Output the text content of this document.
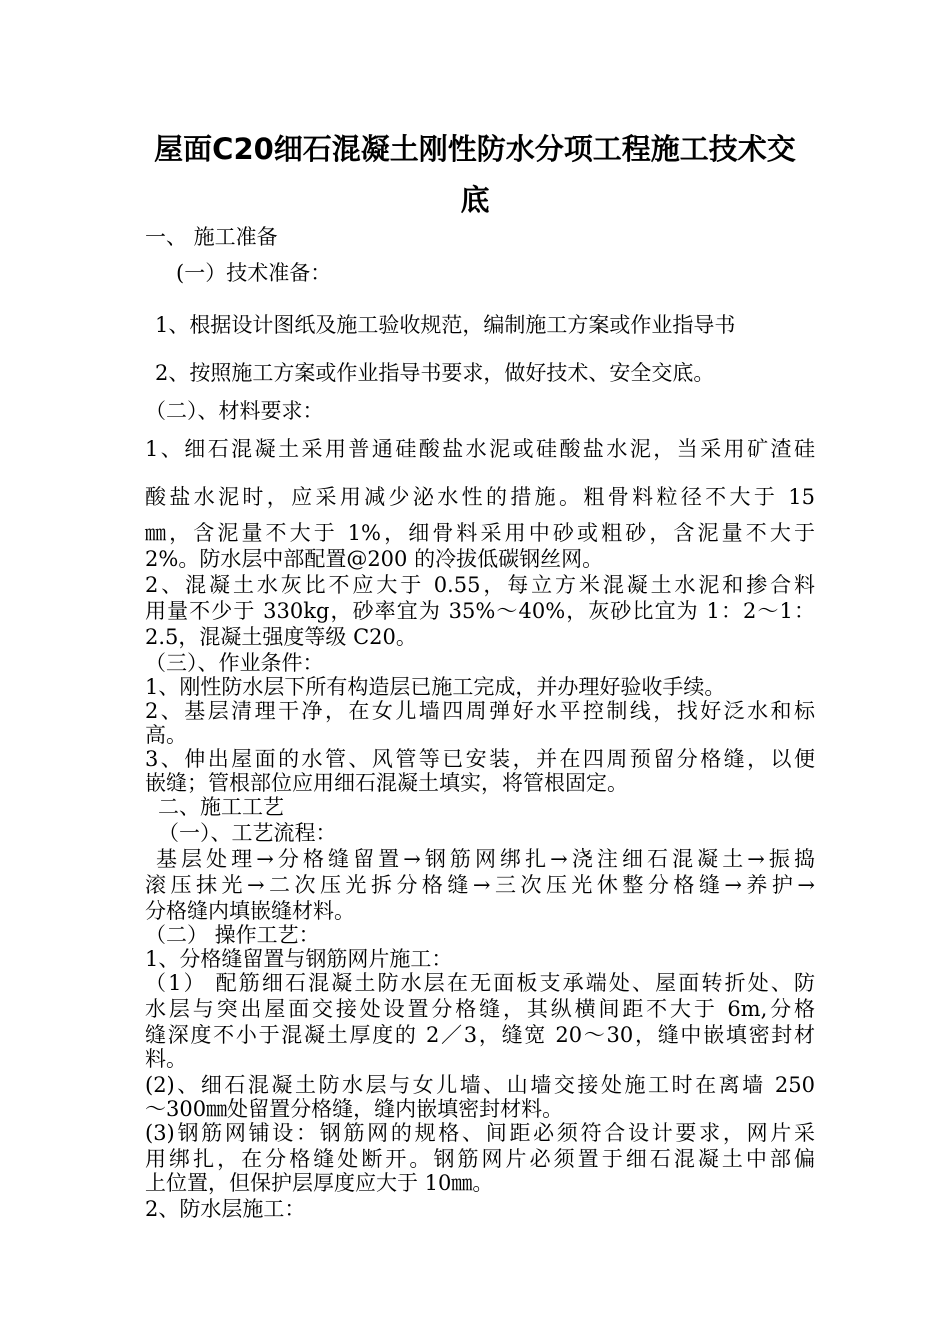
屋面C20细石混凝土刚性防水分项工程施工技术交
底
一、 施工准备
(一）技术准备：
1、根据设计图纸及施工验收规范，编制施工方案或作业指导书
2、按照施工方案或作业指导书要求，做好技术、安全交底。
（二）、材料要求：
1、细石混凝土采用普通硅酸盐水泥或硅酸盐水泥，当采用矿渣硅
酸盐水泥时，应采用减少泌水性的措施。粗骨料粒径不大于 15
㎜，含泥量不大于 1%，细骨料采用中砂或粗砂，含泥量不大于
2%。防水层中部配置@200 的冷拔低碳钢丝网。
2、混凝土水灰比不应大于 0.55，每立方米混凝土水泥和掺合料
用量不少于 330kg，砂率宜为 35%～40%，灰砂比宜为 1：2～1：
2.5，混凝土强度等级 C20。
（三）、作业条件：
1、刚性防水层下所有构造层已施工完成，并办理好验收手续。
2、基层清理干净，在女儿墙四周弹好水平控制线，找好泛水和标
高。
3、伸出屋面的水管、风管等已安装，并在四周预留分格缝，以便
嵌缝；管根部位应用细石混凝土填实，将管根固定。
二、施工工艺
（一）、工艺流程：
基层处理→分格缝留置→钢筋网绑扎→浇注细石混凝土→振捣
滚压抹光→二次压光拆分格缝→三次压光休整分格缝→养护→
分格缝内填嵌缝材料。
（二） 操作工艺：
1、分格缝留置与钢筋网片施工：
（1） 配筋细石混凝土防水层在无面板支承端处、屋面转折处、防
水层与突出屋面交接处设置分格缝，其纵横间距不大于 6m,分格
缝深度不小于混凝土厚度的 2／3，缝宽 20～30，缝中嵌填密封材
料。
(2)、细石混凝土防水层与女儿墙、山墙交接处施工时在离墙 250
～300㎜处留置分格缝，缝内嵌填密封材料。
(3)钢筋网铺设：钢筋网的规格、间距必须符合设计要求，网片采
用绑扎，在分格缝处断开。钢筋网片必须置于细石混凝土中部偏
上位置，但保护层厚度应大于 10㎜。
2、防水层施工：
